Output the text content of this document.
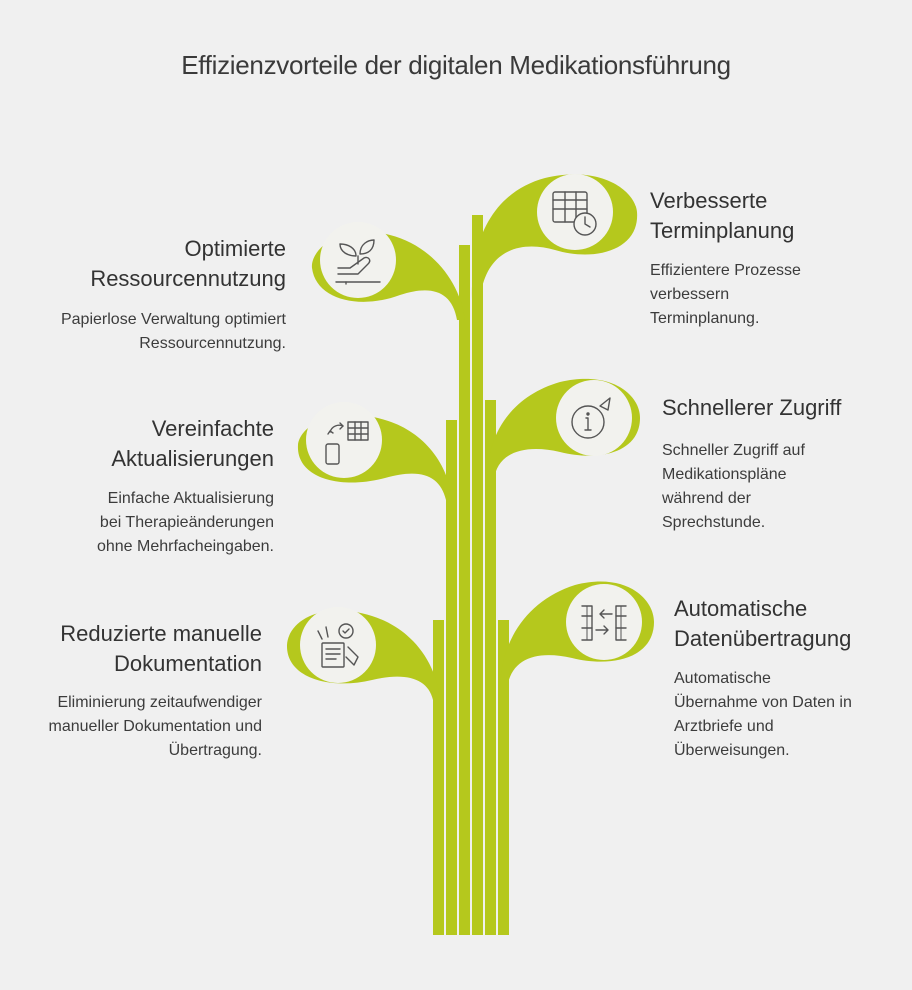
Effizienzvorteile der digitalen Medikationsführung
Optimierte
Ressourcennutzung
Papierlose Verwaltung optimiert
Ressourcennutzung.
Vereinfachte
Aktualisierungen
Einfache Aktualisierung
bei Therapieänderungen
ohne Mehrfacheingaben.
Reduzierte manuelle
Dokumentation
Eliminierung zeitaufwendiger
manueller Dokumentation und
Übertragung.
Verbesserte
Terminplanung
Effizientere Prozesse
verbessern
Terminplanung.
Schnellerer Zugriff
Schneller Zugriff auf
Medikationspläne
während der
Sprechstunde.
Automatische
Datenübertragung
Automatische
Übernahme von Daten in
Arztbriefe und
Überweisungen.
